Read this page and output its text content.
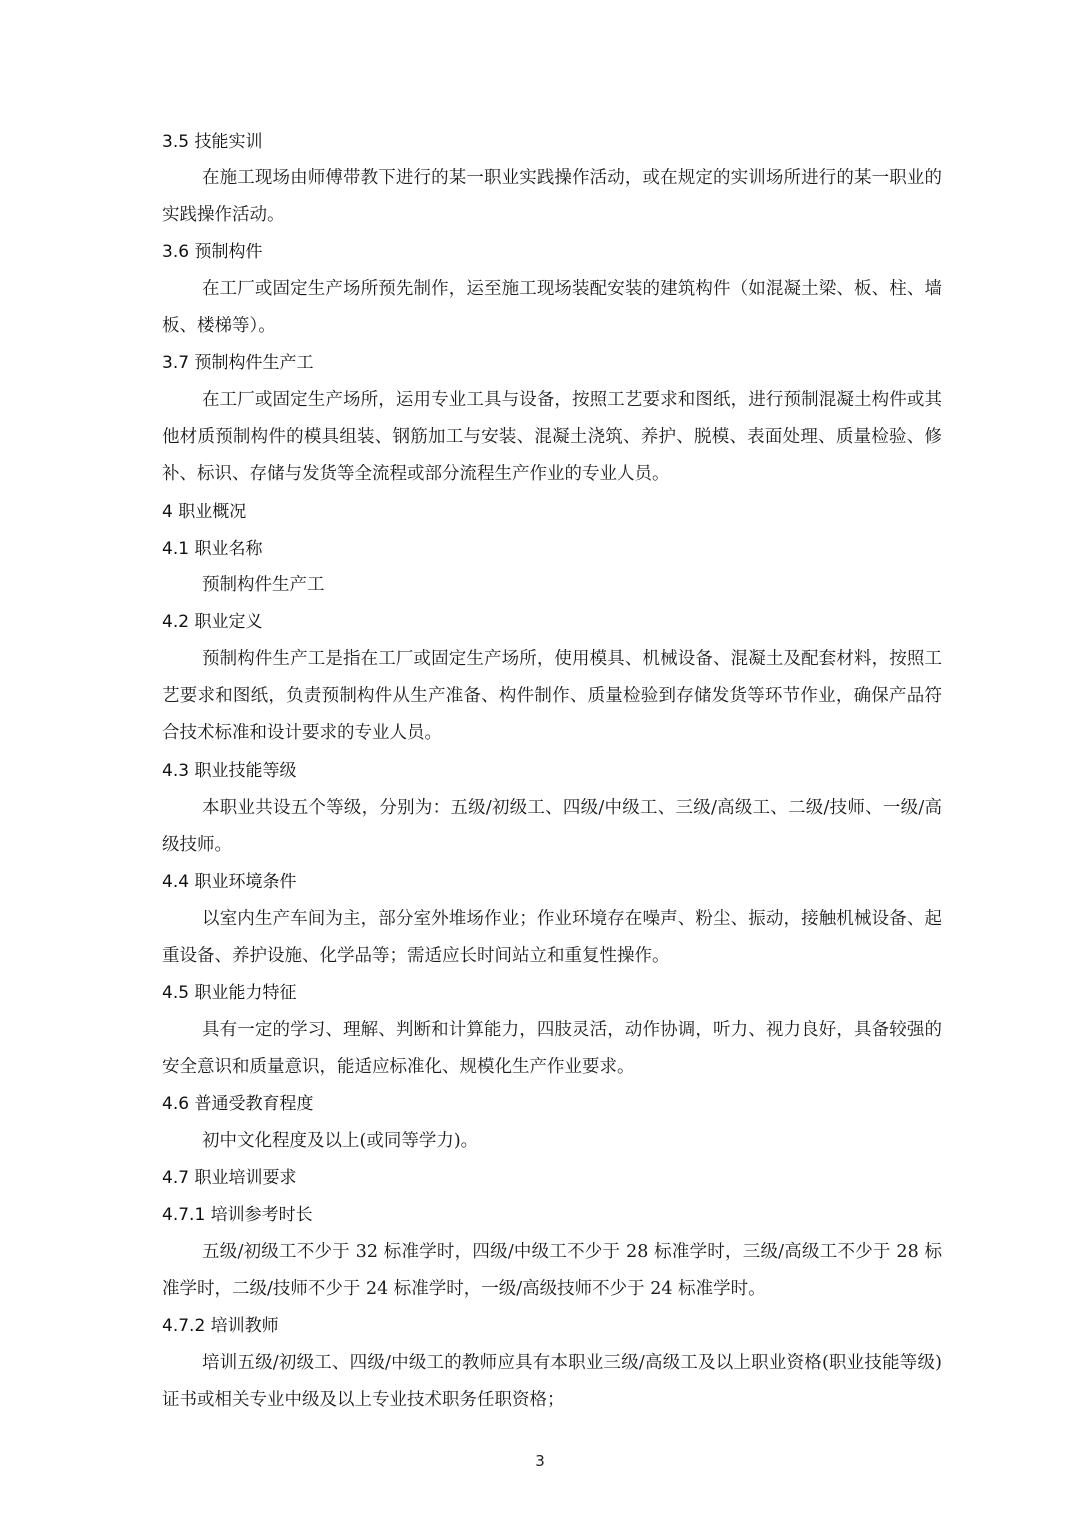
3.5 技能实训

在施工现场由师傅带教下进行的某一职业实践操作活动，或在规定的实训场所进行的某一职业的实践操作活动。

3.6 预制构件

在工厂或固定生产场所预先制作，运至施工现场装配安装的建筑构件（如混凝土梁、板、柱、墙板、楼梯等）。

3.7 预制构件生产工

在工厂或固定生产场所，运用专业工具与设备，按照工艺要求和图纸，进行预制混凝土构件或其他材质预制构件的模具组装、钢筋加工与安装、混凝土浇筑、养护、脱模、表面处理、质量检验、修补、标识、存储与发货等全流程或部分流程生产作业的专业人员。

4 职业概况
4.1 职业名称

预制构件生产工

4.2 职业定义

预制构件生产工是指在工厂或固定生产场所，使用模具、机械设备、混凝土及配套材料，按照工艺要求和图纸，负责预制构件从生产准备、构件制作、质量检验到存储发货等环节作业，确保产品符合技术标准和设计要求的专业人员。

4.3 职业技能等级

本职业共设五个等级，分别为：五级/初级工、四级/中级工、三级/高级工、二级/技师、一级/高级技师。

4.4 职业环境条件

以室内生产车间为主，部分室外堆场作业；作业环境存在噪声、粉尘、振动，接触机械设备、起重设备、养护设施、化学品等；需适应长时间站立和重复性操作。

4.5 职业能力特征

具有一定的学习、理解、判断和计算能力，四肢灵活，动作协调，听力、视力良好，具备较强的安全意识和质量意识，能适应标准化、规模化生产作业要求。

4.6 普通受教育程度

初中文化程度及以上(或同等学力)。

4.7 职业培训要求
4.7.1 培训参考时长

五级/初级工不少于 32 标准学时，四级/中级工不少于 28 标准学时，三级/高级工不少于 28 标准学时，二级/技师不少于 24 标准学时，一级/高级技师不少于 24 标准学时。

4.7.2 培训教师

培训五级/初级工、四级/中级工的教师应具有本职业三级/高级工及以上职业资格(职业技能等级)证书或相关专业中级及以上专业技术职务任职资格；

3
